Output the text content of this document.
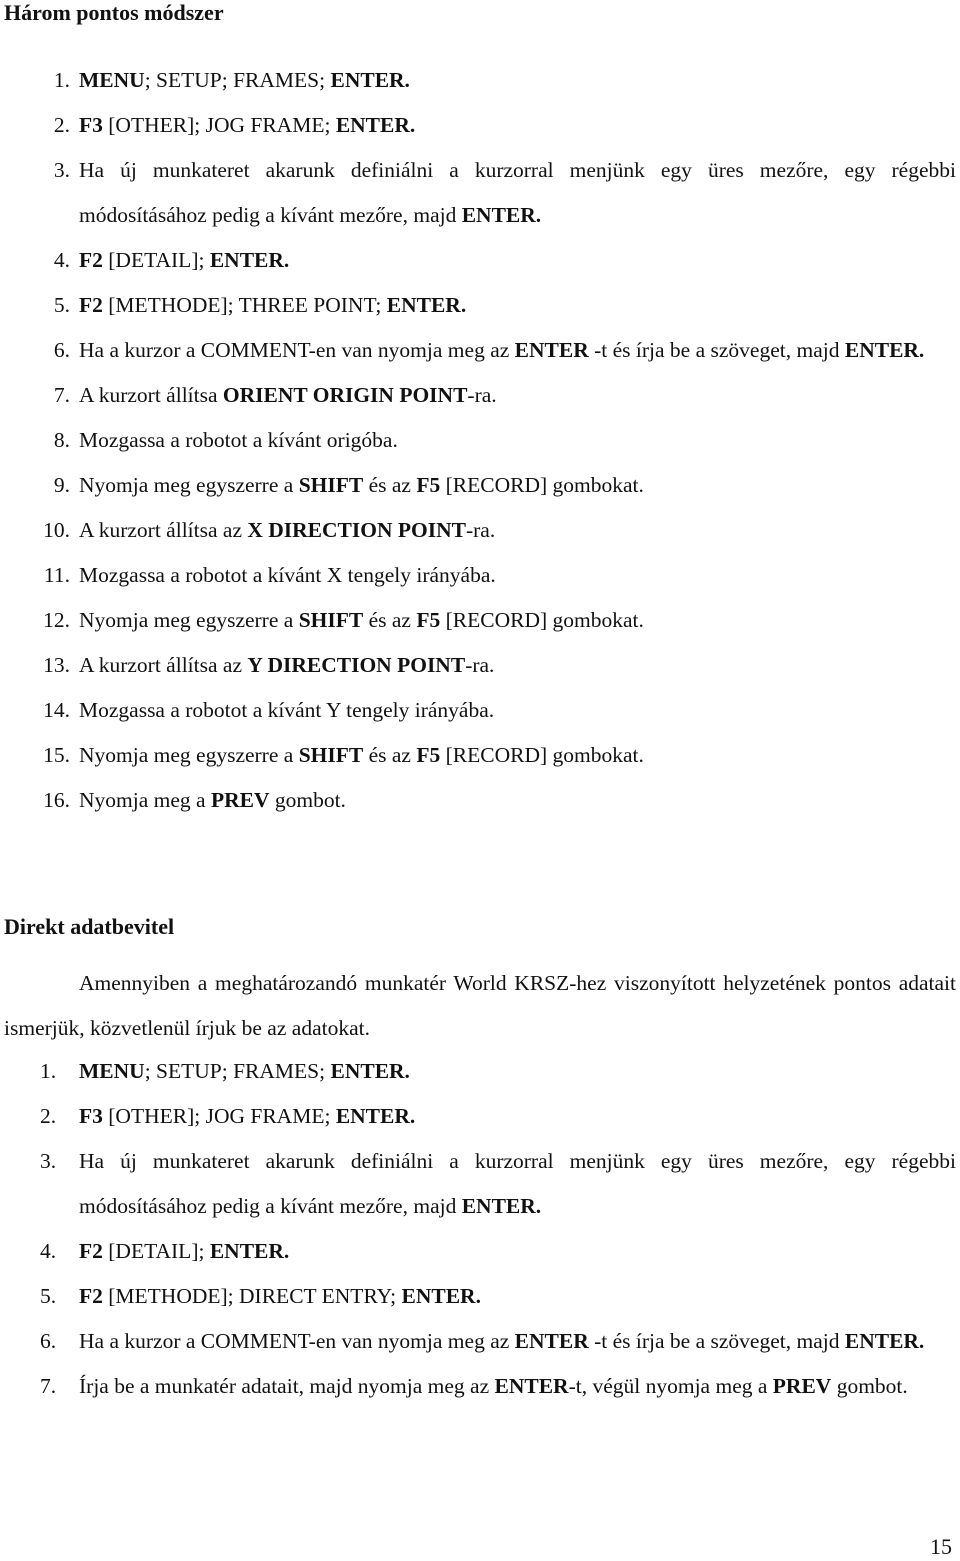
Három pontos módszer
1. MENU; SETUP; FRAMES; ENTER.
2. F3 [OTHER]; JOG FRAME; ENTER.
3. Ha új munkateret akarunk definiálni a kurzorral menjünk egy üres mezőre, egy régebbi módosításához pedig a kívánt mezőre, majd ENTER.
4. F2 [DETAIL]; ENTER.
5. F2 [METHODE]; THREE POINT; ENTER.
6. Ha a kurzor a COMMENT-en van nyomja meg az ENTER -t és írja be a szöveget, majd ENTER.
7. A kurzort állítsa ORIENT ORIGIN POINT-ra.
8. Mozgassa a robotot a kívánt origóba.
9. Nyomja meg egyszerre a SHIFT és az F5 [RECORD] gombokat.
10. A kurzort állítsa az X DIRECTION POINT-ra.
11. Mozgassa a robotot a kívánt X tengely irányába.
12. Nyomja meg egyszerre a SHIFT és az F5 [RECORD] gombokat.
13. A kurzort állítsa az Y DIRECTION POINT-ra.
14. Mozgassa a robotot a kívánt Y tengely irányába.
15. Nyomja meg egyszerre a SHIFT és az F5 [RECORD] gombokat.
16. Nyomja meg a PREV gombot.
Direkt adatbevitel

Amennyiben a meghatározandó munkatér World KRSZ-hez viszonyított helyzetének pontos adatait ismerjük, közvetlenül írjuk be az adatokat.

1. MENU; SETUP; FRAMES; ENTER.
2. F3 [OTHER]; JOG FRAME; ENTER.
3. Ha új munkateret akarunk definiálni a kurzorral menjünk egy üres mezőre, egy régebbi módosításához pedig a kívánt mezőre, majd ENTER.
4. F2 [DETAIL]; ENTER.
5. F2 [METHODE]; DIRECT ENTRY; ENTER.
6. Ha a kurzor a COMMENT-en van nyomja meg az ENTER -t és írja be a szöveget, majd ENTER.
7. Írja be a munkatér adatait, majd nyomja meg az ENTER-t, végül nyomja meg a PREV gombot.
15
